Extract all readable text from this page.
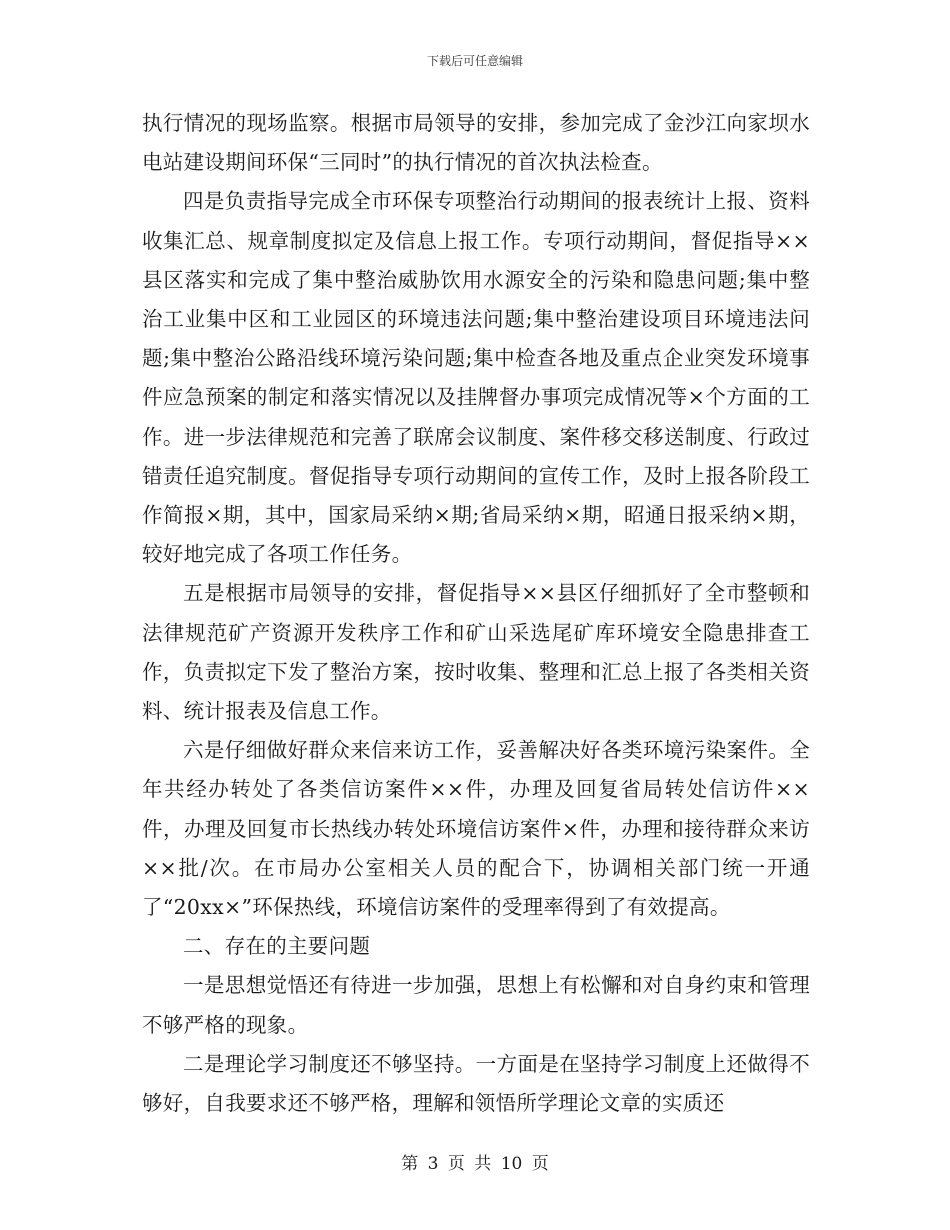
下载后可任意编辑

执行情况的现场监察。根据市局领导的安排，参加完成了金沙江向家坝水电站建设期间环保“三同时”的执行情况的首次执法检查。

四是负责指导完成全市环保专项整治行动期间的报表统计上报、资料收集汇总、规章制度拟定及信息上报工作。专项行动期间，督促指导××县区落实和完成了集中整治威胁饮用水源安全的污染和隐患问题;集中整治工业集中区和工业园区的环境违法问题;集中整治建设项目环境违法问题;集中整治公路沿线环境污染问题;集中检查各地及重点企业突发环境事件应急预案的制定和落实情况以及挂牌督办事项完成情况等×个方面的工作。进一步法律规范和完善了联席会议制度、案件移交移送制度、行政过错责任追究制度。督促指导专项行动期间的宣传工作，及时上报各阶段工作简报×期，其中，国家局采纳×期;省局采纳×期，昭通日报采纳×期，较好地完成了各项工作任务。

五是根据市局领导的安排，督促指导××县区仔细抓好了全市整顿和法律规范矿产资源开发秩序工作和矿山采选尾矿库环境安全隐患排查工作，负责拟定下发了整治方案，按时收集、整理和汇总上报了各类相关资料、统计报表及信息工作。

六是仔细做好群众来信来访工作，妥善解决好各类环境污染案件。全年共经办转处了各类信访案件××件，办理及回复省局转处信访件××件，办理及回复市长热线办转处环境信访案件×件，办理和接待群众来访××批/次。在市局办公室相关人员的配合下，协调相关部门统一开通了“20xx×”环保热线，环境信访案件的受理率得到了有效提高。

二、存在的主要问题

一是思想觉悟还有待进一步加强，思想上有松懈和对自身约束和管理不够严格的现象。

二是理论学习制度还不够坚持。一方面是在坚持学习制度上还做得不够好，自我要求还不够严格，理解和领悟所学理论文章的实质还

第 3 页 共 10 页
